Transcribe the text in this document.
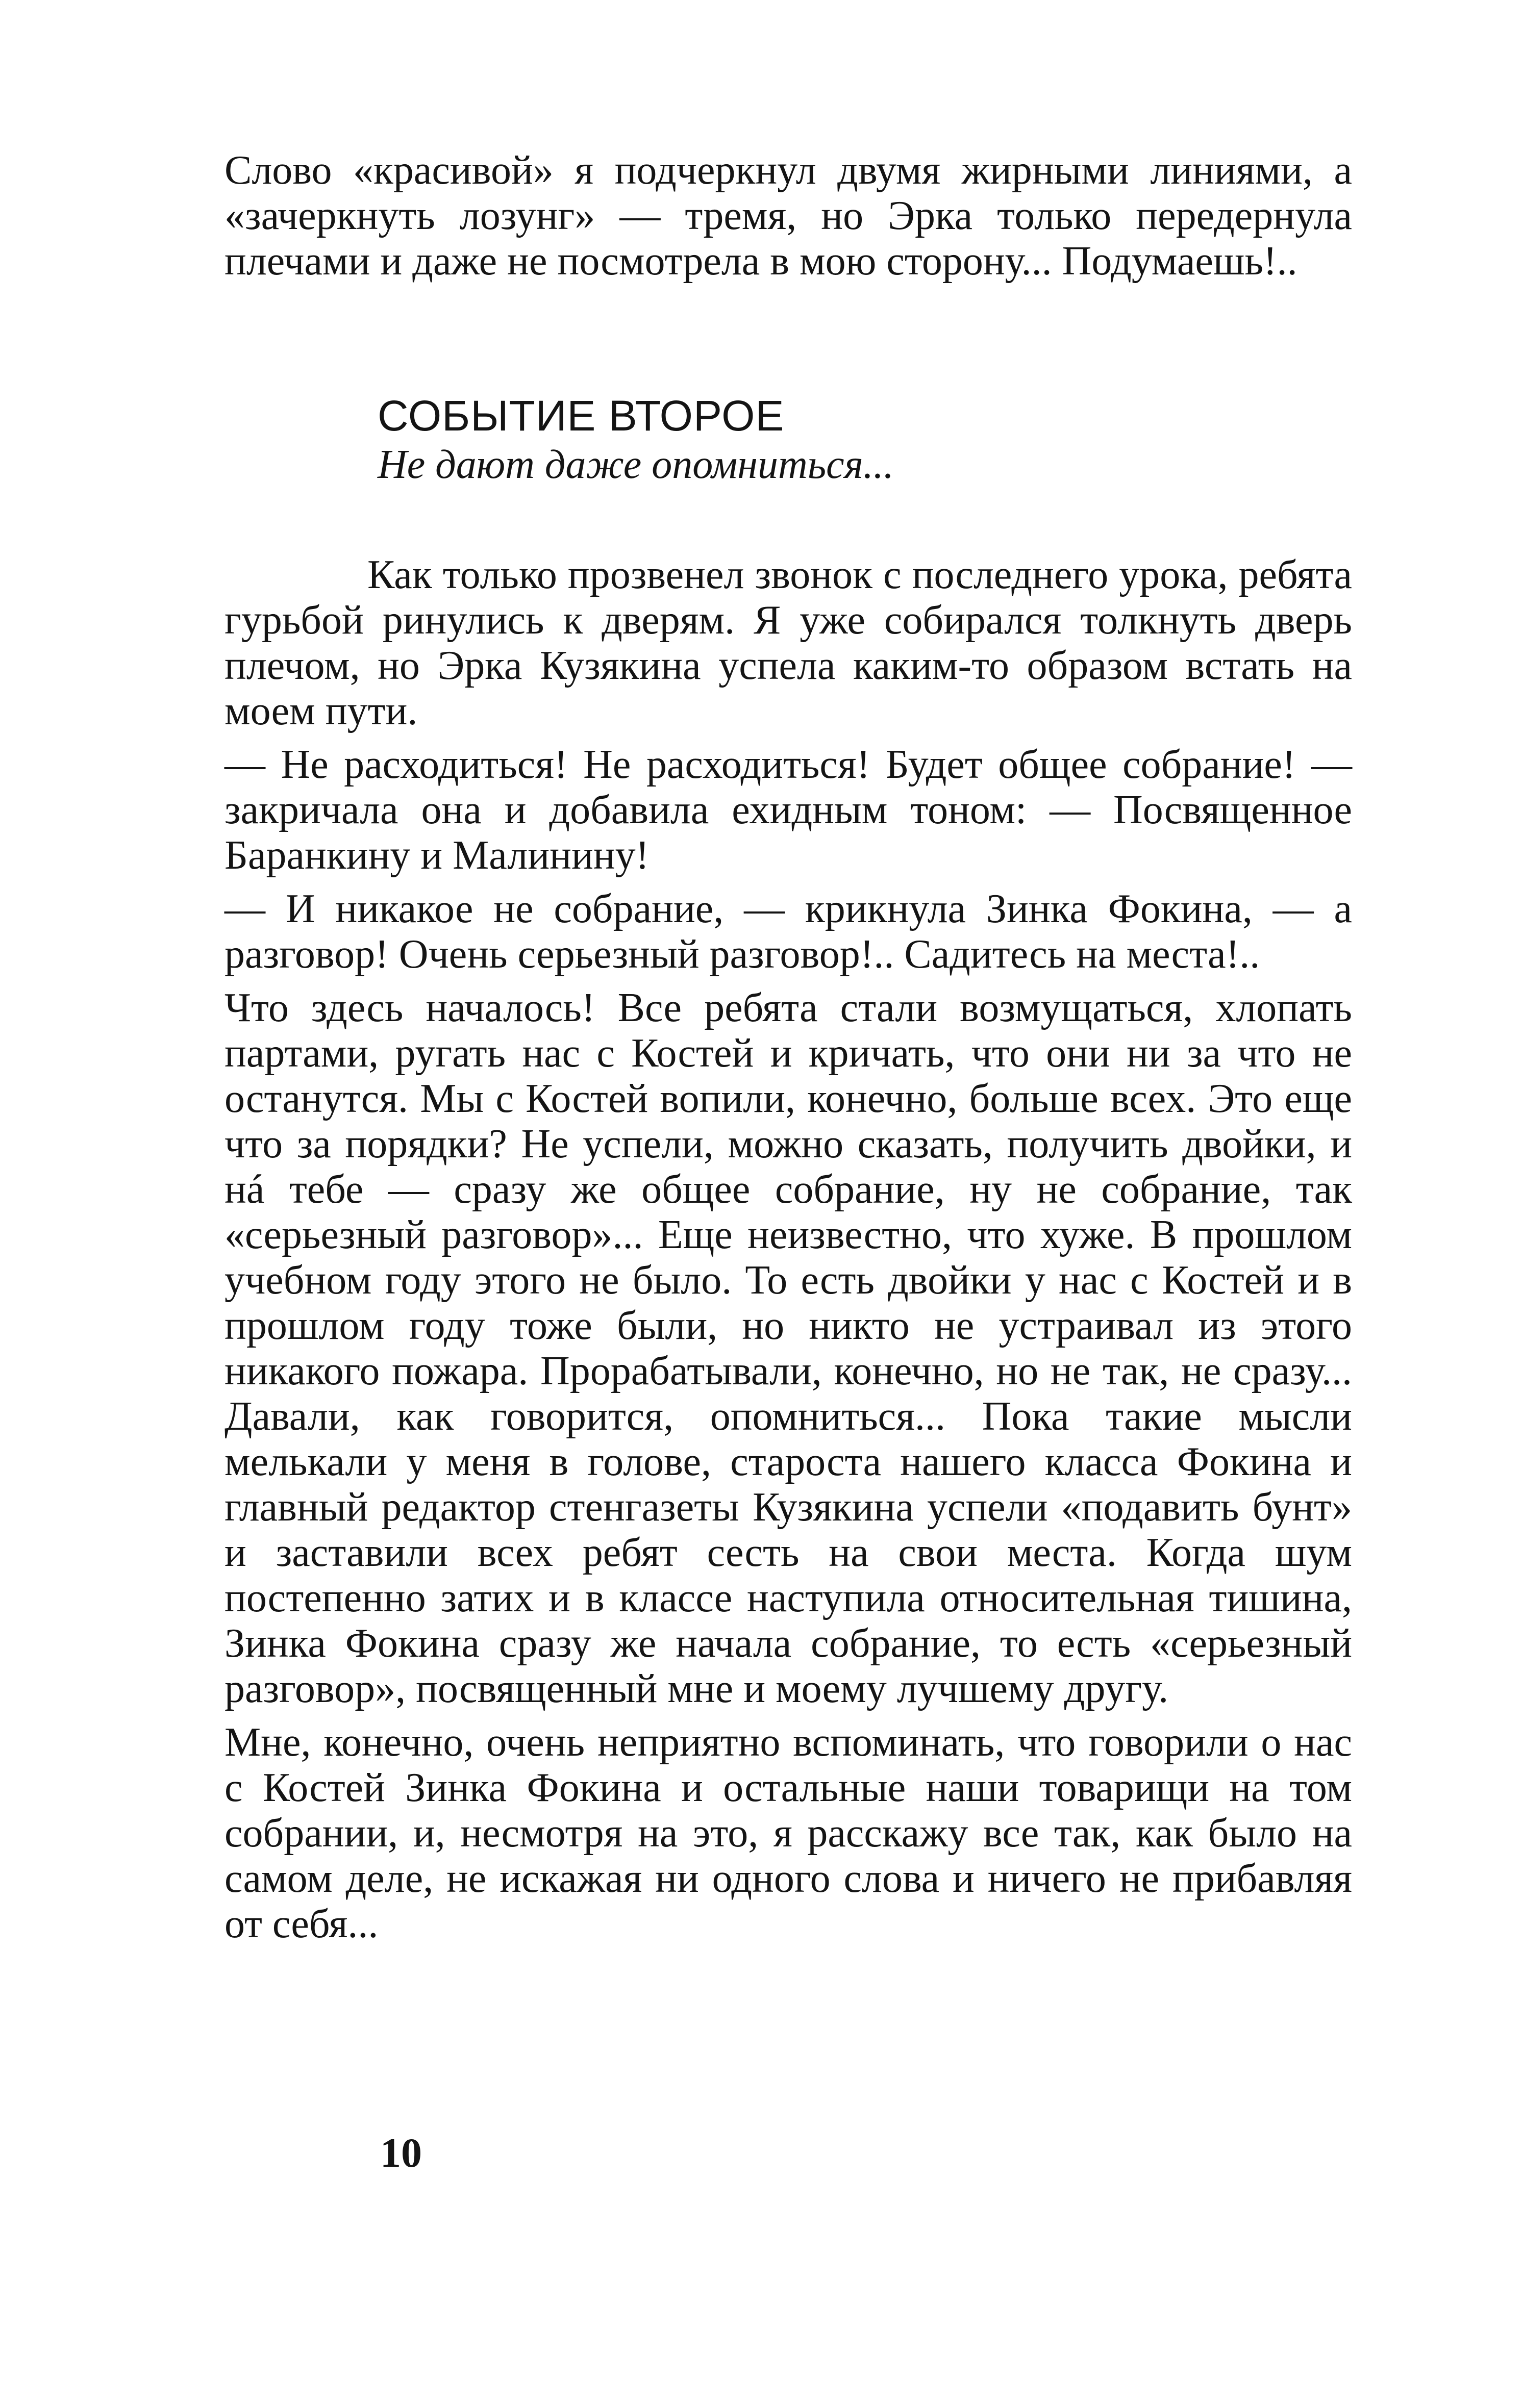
Слово «красивой» я подчеркнул двумя жирными линиями, а «зачеркнуть лозунг» — тремя, но Эрка только передернула плечами и даже не посмотрела в мою сторону... Подумаешь!..

СОБЫТИЕ ВТОРОЕ

Не дают даже опомниться...

Как только прозвенел звонок с последнего урока, ребята гурьбой ринулись к дверям. Я уже собирался толкнуть дверь плечом, но Эрка Кузякина успела каким-то образом встать на моем пути.

— Не расходиться! Не расходиться! Будет общее собрание! — закричала она и добавила ехидным тоном: — Посвященное Баранкину и Малинину!

— И никакое не собрание, — крикнула Зинка Фокина, — а разговор! Очень серьезный разговор!.. Садитесь на места!..

Что здесь началось! Все ребята стали возмущаться, хлопать партами, ругать нас с Костей и кричать, что они ни за что не останутся. Мы с Костей вопили, конечно, больше всех. Это еще что за порядки? Не успели, можно сказать, получить двойки, и нá тебе — сразу же общее собрание, ну не собрание, так «серьезный разговор»... Еще неизвестно, что хуже. В прошлом учебном году этого не было. То есть двойки у нас с Костей и в прошлом году тоже были, но никто не устраивал из этого никакого пожара. Прорабатывали, конечно, но не так, не сразу... Давали, как говорится, опомниться... Пока такие мысли мелькали у меня в голове, староста нашего класса Фокина и главный редактор стенгазеты Кузякина успели «подавить бунт» и заставили всех ребят сесть на свои места. Когда шум постепенно затих и в классе наступила относительная тишина, Зинка Фокина сразу же начала собрание, то есть «серьезный разговор», посвященный мне и моему лучшему другу.

Мне, конечно, очень неприятно вспоминать, что говорили о нас с Костей Зинка Фокина и остальные наши товарищи на том собрании, и, несмотря на это, я расскажу все так, как было на самом деле, не искажая ни одного слова и ничего не прибавляя от себя...

10
